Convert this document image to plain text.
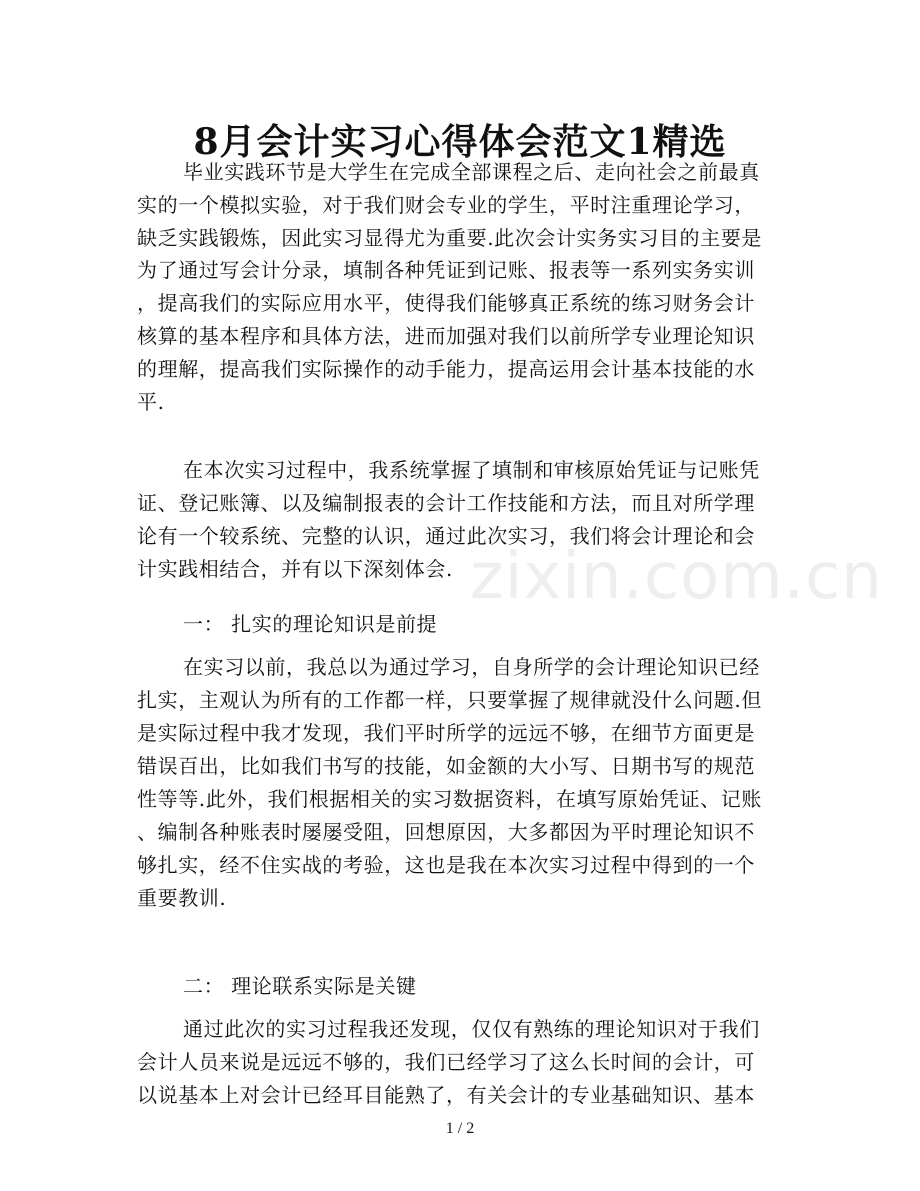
8月会计实习心得体会范文1精选
zixin.com.cn
毕业实践环节是大学生在完成全部课程之后、走向社会之前最真
实的一个模拟实验，对于我们财会专业的学生，平时注重理论学习，
缺乏实践锻炼，因此实习显得尤为重要.此次会计实务实习目的主要是
为了通过写会计分录，填制各种凭证到记账、报表等一系列实务实训
，提高我们的实际应用水平，使得我们能够真正系统的练习财务会计
核算的基本程序和具体方法，进而加强对我们以前所学专业理论知识
的理解，提高我们实际操作的动手能力，提高运用会计基本技能的水
平.
在本次实习过程中，我系统掌握了填制和审核原始凭证与记账凭
证、登记账簿、以及编制报表的会计工作技能和方法，而且对所学理
论有一个较系统、完整的认识，通过此次实习，我们将会计理论和会
计实践相结合，并有以下深刻体会.
一： 扎实的理论知识是前提
在实习以前，我总以为通过学习，自身所学的会计理论知识已经
扎实，主观认为所有的工作都一样，只要掌握了规律就没什么问题.但
是实际过程中我才发现，我们平时所学的远远不够，在细节方面更是
错误百出，比如我们书写的技能，如金额的大小写、日期书写的规范
性等等.此外，我们根据相关的实习数据资料，在填写原始凭证、记账
、编制各种账表时屡屡受阻，回想原因，大多都因为平时理论知识不
够扎实，经不住实战的考验，这也是我在本次实习过程中得到的一个
重要教训.
二： 理论联系实际是关键
通过此次的实习过程我还发现，仅仅有熟练的理论知识对于我们
会计人员来说是远远不够的，我们已经学习了这么长时间的会计，可
以说基本上对会计已经耳目能熟了，有关会计的专业基础知识、基本
1 / 2
